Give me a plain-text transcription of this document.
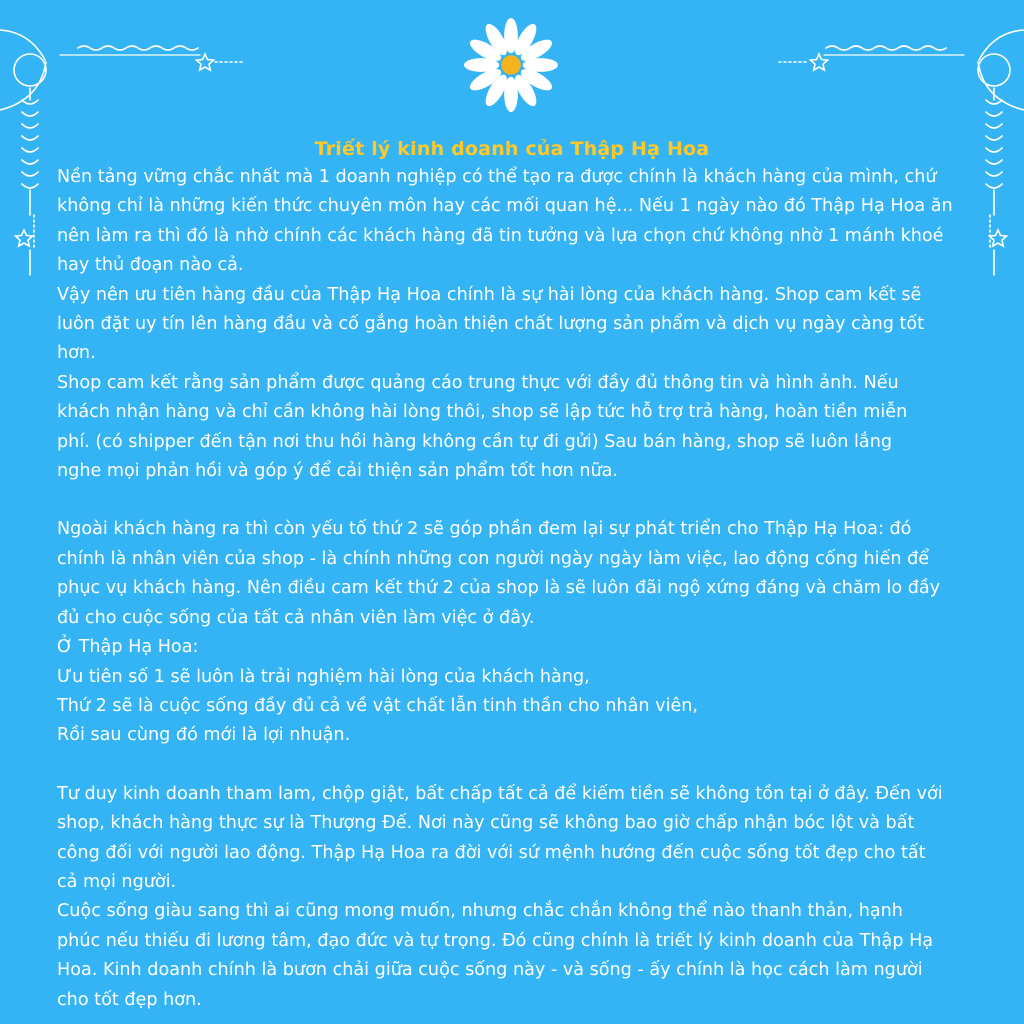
Triết lý kinh doanh của Thập Hạ Hoa
Nền tảng vững chắc nhất mà 1 doanh nghiệp có thể tạo ra được chính là khách hàng của mình, chứ
không chỉ là những kiến thức chuyên môn hay các mối quan hệ... Nếu 1 ngày nào đó Thập Hạ Hoa ăn
nên làm ra thì đó là nhờ chính các khách hàng đã tin tưởng và lựa chọn chứ không nhờ 1 mánh khoé
hay thủ đoạn nào cả.
Vậy nên ưu tiên hàng đầu của Thập Hạ Hoa chính là sự hài lòng của khách hàng. Shop cam kết sẽ
luôn đặt uy tín lên hàng đầu và cố gắng hoàn thiện chất lượng sản phẩm và dịch vụ ngày càng tốt
hơn.
Shop cam kết rằng sản phẩm được quảng cáo trung thực với đầy đủ thông tin và hình ảnh. Nếu
khách nhận hàng và chỉ cần không hài lòng thôi, shop sẽ lập tức hỗ trợ trả hàng, hoàn tiền miễn
phí. (có shipper đến tận nơi thu hồi hàng không cần tự đi gửi) Sau bán hàng, shop sẽ luôn lắng
nghe mọi phản hồi và góp ý để cải thiện sản phẩm tốt hơn nữa.
Ngoài khách hàng ra thì còn yếu tố thứ 2 sẽ góp phần đem lại sự phát triển cho Thập Hạ Hoa: đó
chính là nhân viên của shop - là chính những con người ngày ngày làm việc, lao động cống hiến để
phục vụ khách hàng. Nên điều cam kết thứ 2 của shop là sẽ luôn đãi ngộ xứng đáng và chăm lo đầy
đủ cho cuộc sống của tất cả nhân viên làm việc ở đây.
Ở Thập Hạ Hoa:
Ưu tiên số 1 sẽ luôn là trải nghiệm hài lòng của khách hàng,
Thứ 2 sẽ là cuộc sống đầy đủ cả về vật chất lẫn tinh thần cho nhân viên,
Rồi sau cùng đó mới là lợi nhuận.
Tư duy kinh doanh tham lam, chộp giật, bất chấp tất cả để kiếm tiền sẽ không tồn tại ở đây. Đến với
shop, khách hàng thực sự là Thượng Đế. Nơi này cũng sẽ không bao giờ chấp nhận bóc lột và bất
công đối với người lao động. Thập Hạ Hoa ra đời với sứ mệnh hướng đến cuộc sống tốt đẹp cho tất
cả mọi người.
Cuộc sống giàu sang thì ai cũng mong muốn, nhưng chắc chắn không thể nào thanh thản, hạnh
phúc nếu thiếu đi lương tâm, đạo đức và tự trọng. Đó cũng chính là triết lý kinh doanh của Thập Hạ
Hoa. Kinh doanh chính là bươn chải giữa cuộc sống này - và sống - ấy chính là học cách làm người
cho tốt đẹp hơn.
